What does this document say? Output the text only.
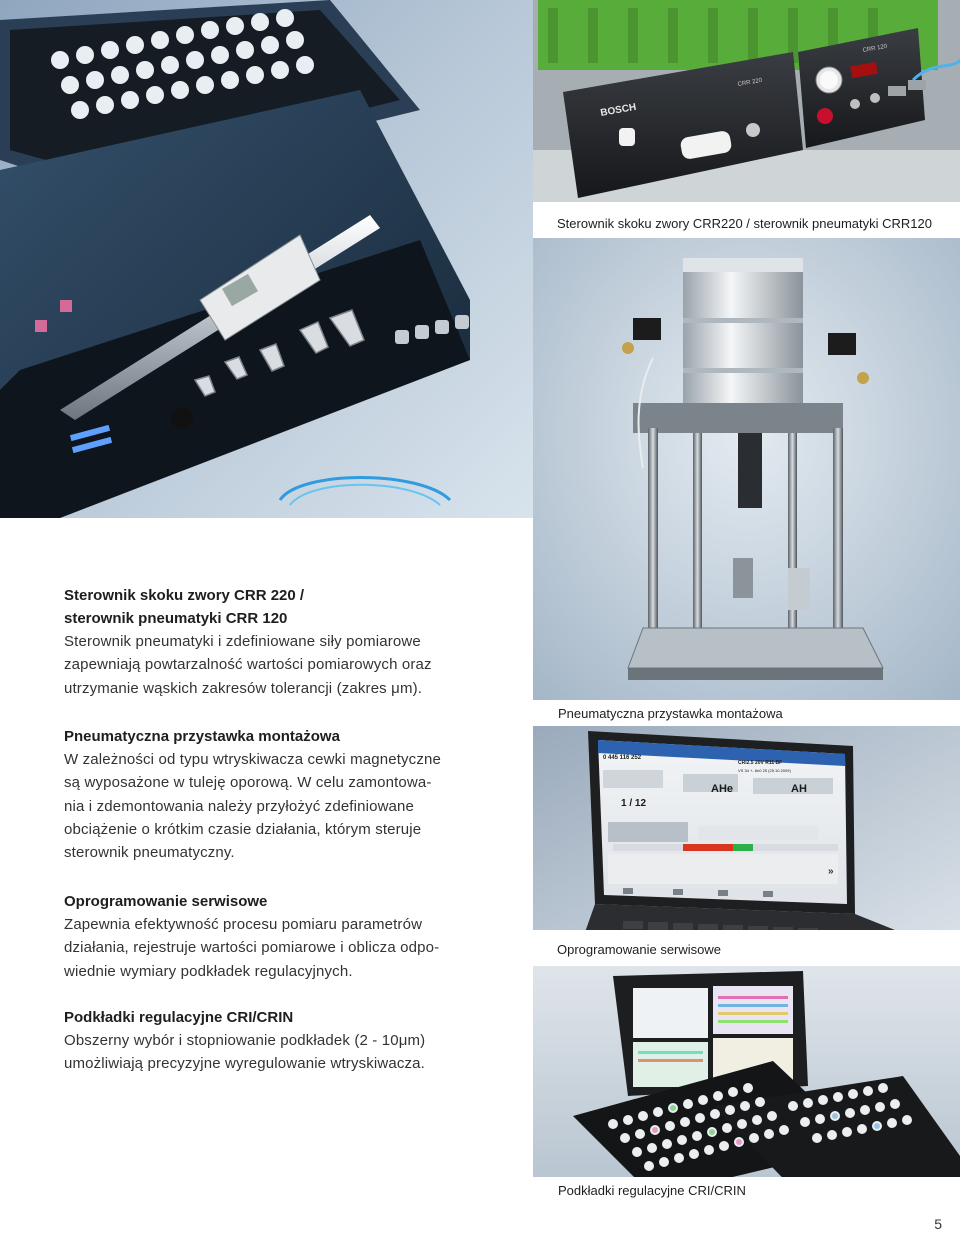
BOSCH
CRR 220
CRR 120
Sterownik skoku zwory CRR220 / sterownik pneumatyki CRR120
Pneumatyczna przystawka montażowa
0 445 116 252
CRI2.5 20V R11 BF
VS 34 +- 8n0 25 (25.10.2009)
AHe	AH
1 / 12
»
Oprogramowanie serwisowe
Podkładki regulacyjne CRI/CRIN
Sterownik skoku zwory CRR 220 /
sterownik pneumatyki CRR 120

Sterownik pneumatyki i zdefiniowane siły pomiarowe
zapewniają powtarzalność wartości pomiarowych oraz
utrzymanie wąskich zakresów tolerancji (zakres μm).

Pneumatyczna przystawka montażowa

W zależności od typu wtryskiwacza cewki magnetyczne
są wyposażone w tuleję oporową. W celu zamontowa-
nia i zdemontowania należy przyłożyć zdefiniowane
obciążenie o krótkim czasie działania, którym steruje
sterownik pneumatyczny.

Oprogramowanie serwisowe

Zapewnia efektywność procesu pomiaru parametrów
działania, rejestruje wartości pomiarowe i oblicza odpo-
wiednie wymiary podkładek regulacyjnych.

Podkładki regulacyjne CRI/CRIN

Obszerny wybór i stopniowanie podkładek (2 - 10μm)
umożliwiają precyzyjne wyregulowanie wtryskiwacza.

5
